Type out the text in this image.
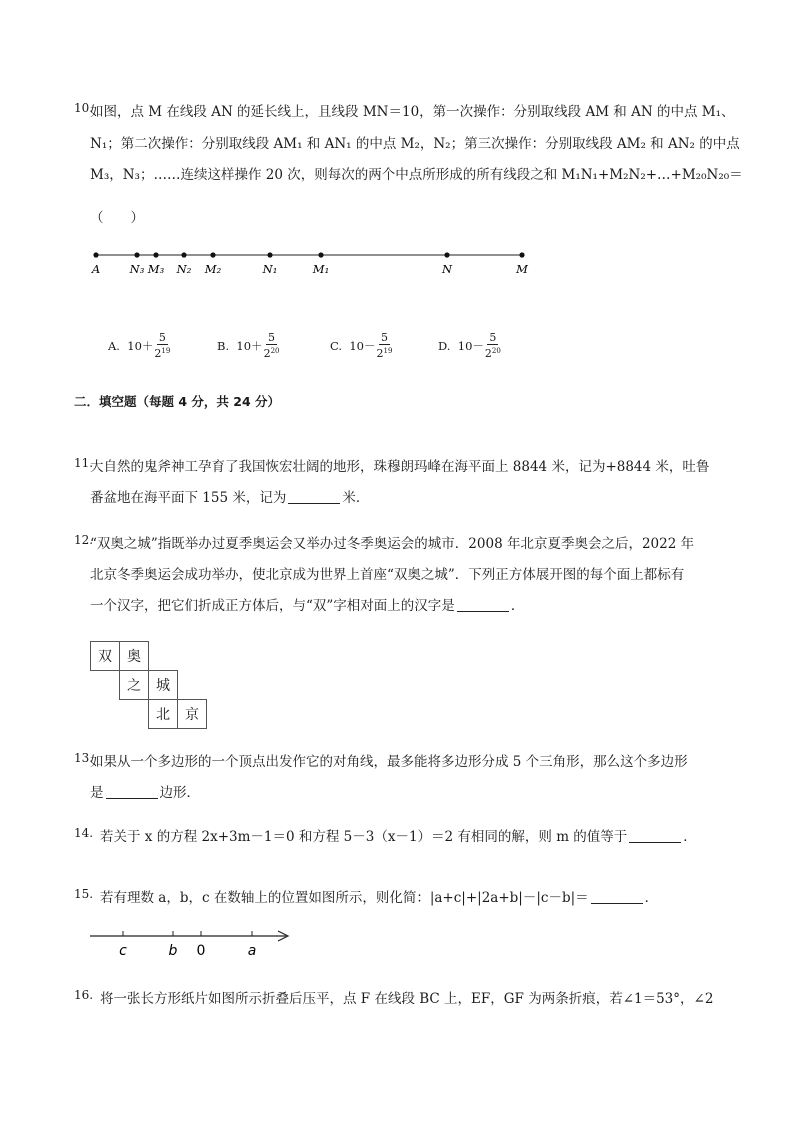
10.
如图，点 M 在线段 AN 的延长线上，且线段 MN＝10，第一次操作：分别取线段 AM 和 AN 的中点 M₁、
N₁；第二次操作：分别取线段 AM₁ 和 AN₁ 的中点 M₂，N₂；第三次操作：分别取线段 AM₂ 和 AN₂ 的中点
M₃，N₃；……连续这样操作 20 次，则每次的两个中点所形成的所有线段之和 M₁N₁+M₂N₂+…+M₂₀N₂₀＝
（　　）
A	N₃ M₃ N₂ M₂	N₁	M₁	N	M
A.
$10+ \frac{5}{2^{19}}$	B.
$10+ \frac{5}{2^{20}}$	C.
$10- \frac{5}{2^{19}}$	D.
$10- \frac{5}{2^{20}}$
二．填空题（每题 4 分，共 24 分）
11.
大自然的鬼斧神工孕育了我国恢宏壮阔的地形，珠穆朗玛峰在海平面上 8844 米，记为+8844 米，吐鲁
番盆地在海平面下 155 米，记为	米．
12.
“双奥之城”指既举办过夏季奥运会又举办过冬季奥运会的城市．2008 年北京夏季奥会之后，2022 年
北京冬季奥运会成功举办，使北京成为世界上首座“双奥之城”．下列正方体展开图的每个面上都标有
一个汉字，把它们折成正方体后，与“双”字相对面上的汉字是	．
双	奥
之	城
北	京
13.
如果从一个多边形的一个顶点出发作它的对角线，最多能将多边形分成 5 个三角形，那么这个多边形
是	边形．
14. 若关于 x 的方程 2x+3m－1＝0 和方程 5－3（x－1）＝2 有相同的解，则 m 的值等于	．
15. 若有理数 a，b，c 在数轴上的位置如图所示，则化简：|a+c|+|2a+b|－|c－b|＝	．
c	b 0	a
16. 将一张长方形纸片如图所示折叠后压平，点 F 在线段 BC 上，EF，GF 为两条折痕，若∠1＝53°，∠2
